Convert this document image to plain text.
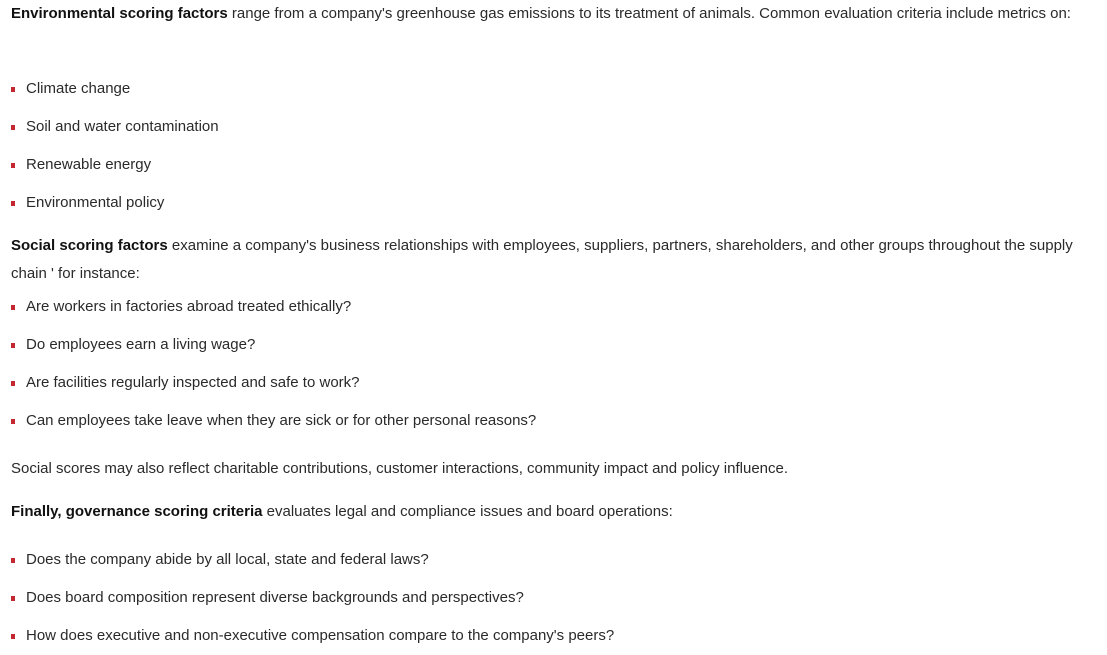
Environmental scoring factors range from a company's greenhouse gas emissions to its treatment of animals. Common evaluation criteria include metrics on:

Climate change
Soil and water contamination
Renewable energy
Environmental policy

Social scoring factors examine a company's business relationships with employees, suppliers, partners, shareholders, and other groups throughout the supply chain ' for instance:

Are workers in factories abroad treated ethically?
Do employees earn a living wage?
Are facilities regularly inspected and safe to work?
Can employees take leave when they are sick or for other personal reasons?

Social scores may also reflect charitable contributions, customer interactions, community impact and policy influence.

Finally, governance scoring criteria evaluates legal and compliance issues and board operations:

Does the company abide by all local, state and federal laws?
Does board composition represent diverse backgrounds and perspectives?
How does executive and non-executive compensation compare to the company's peers?
